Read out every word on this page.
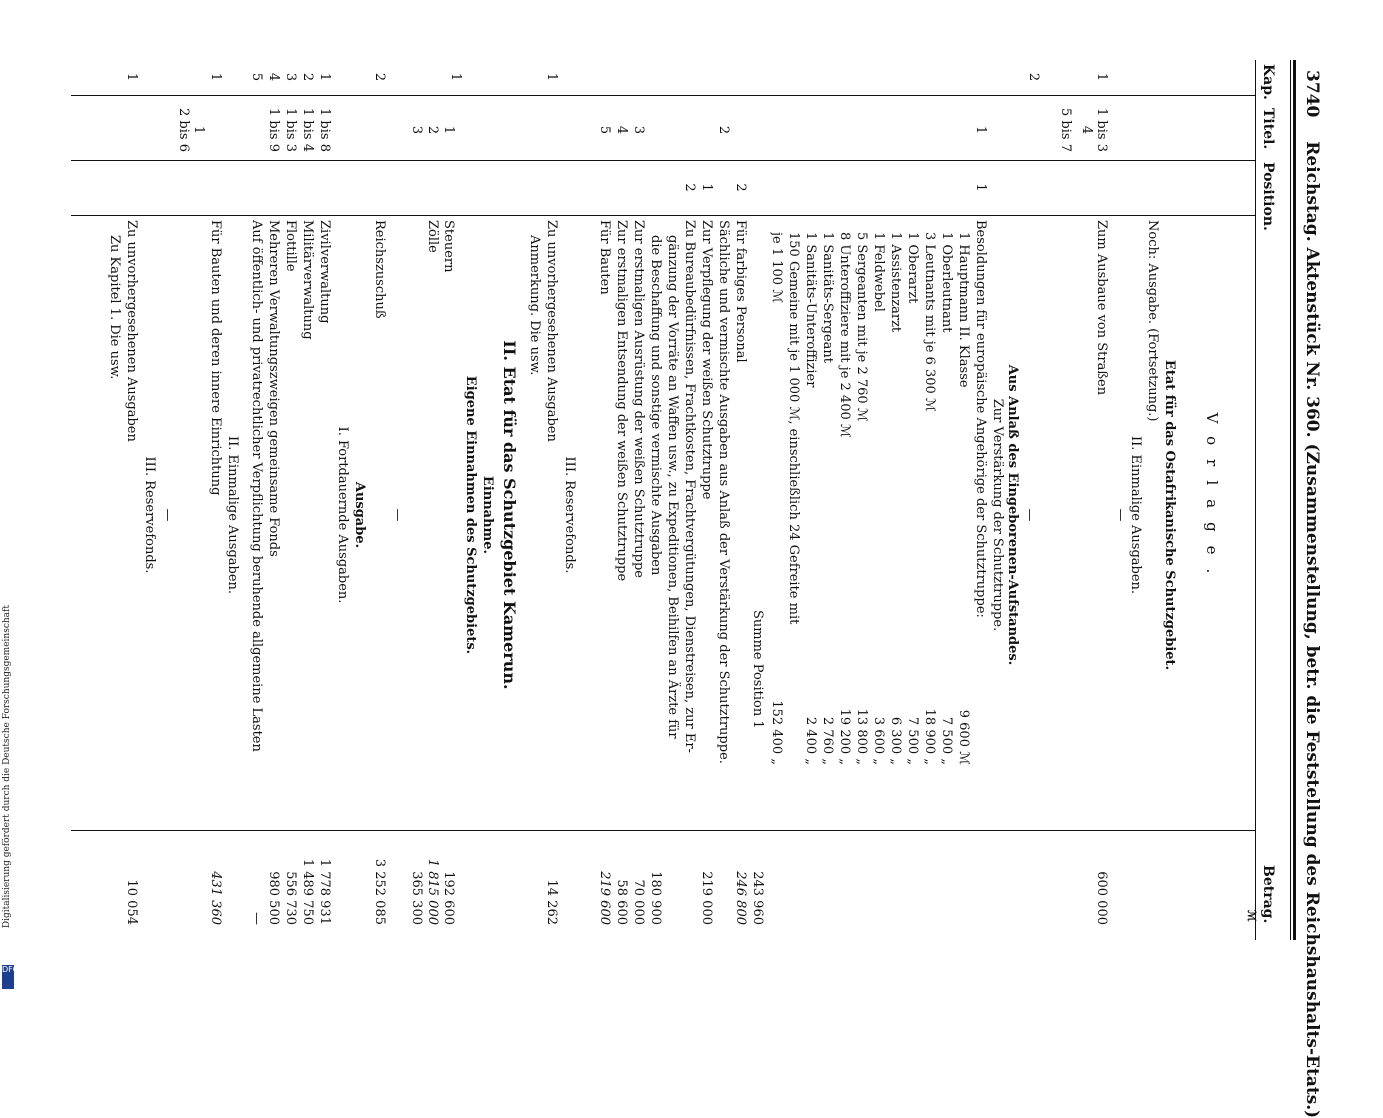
Digitalisierung gefördert durch die Deutsche Forschungsgemeinschaft
DFG
3740 Reichstag. Aktenstück Nr. 360. (Zusammenstellung, betr. die Feststellung des Reichshaushalts-Etats.)
Kap.
Titel.
Position.
Betrag.
ℳ
Vorlage.
Etat für das Ostafrikanische Schutzgebiet.
Noch: Ausgabe. (Fortsetzung.)
II. Einmalige Ausgaben.
—
1
1 bis 3
Zum Ausbaue von Straßen
600 000
4
5 bis 7
2
—
Aus Anlaß des Eingeborenen-Aufstandes.
Zur Verstärkung der Schutztruppe.
1
1
Besoldungen für europäische Angehörige der Schutztruppe:
Summe Position 1
243 960
2
Für farbiges Personal
246 800
2
Sächliche und vermischte Ausgaben aus Anlaß der Verstärkung der Schutztruppe.
1
Zur Verpflegung der weißen Schutztruppe
219 000
2
Zu Bureaubedürfnissen, Frachtkosten, Frachtvergütungen, Dienstreisen, zur Er-
gänzung der Vorräte an Waffen usw., zu Expeditionen, Beihilfen an Ärzte für
die Beschaffung und sonstige vermischte Ausgaben
180 900
III. Reservefonds.
1
Zu unvorhergesehenen Ausgaben
14 262
Anmerkung. Die usw.
II. Etat für das Schutzgebiet Kamerun.
Einnahme.
Eigene Einnahmen des Schutzgebiets.
1
—
2
Reichszuschuß
3 252 085
Ausgabe.
I. Fortdauernde Ausgaben.
II. Einmalige Ausgaben.
1
Für Bauten und deren innere Einrichtung
431 360
1
2 bis 6
—
III. Reservefonds.
1
Zu unvorhergesehenen Ausgaben
10 054
Zu Kapitel 1. Die usw.	1 Hauptmann II. Klasse
9 600 ℳ
1 Oberleutnant
7 500 „
3 Leutnants mit je 6 300 ℳ
18 900 „
1 Oberarzt
7 500 „
1 Assistenzarzt
6 300 „
1 Feldwebel
3 600 „
5 Sergeanten mit je 2 760 ℳ
13 800 „
8 Unteroffiziere mit je 2 400 ℳ
19 200 „
1 Sanitäts-Sergeant
2 760 „
1 Sanitäts-Unteroffizier
2 400 „
150 Gemeine mit je 1 000 ℳ, einschließlich 24 Gefreite mit
je 1 100 ℳ
152 400 „
3
Zur erstmaligen Ausrüstung der weißen Schutztruppe
70 000
4
Zur erstmaligen Entsendung der weißen Schutztruppe
58 600
5
Für Bauten
219 600
1
Steuern
192 600
2
Zölle
1 815 000
3
365 300
1
1 bis 8
Zivilverwaltung
1 778 931
2
1 bis 4
Militärverwaltung
1 489 750
3
1 bis 3
Flottille
556 730
4
1 bis 9
Mehreren Verwaltungszweigen gemeinsame Fonds
980 500
5
Auf öffentlich- und privatrechtlicher Verpflichtung beruhende allgemeine Lasten
—
